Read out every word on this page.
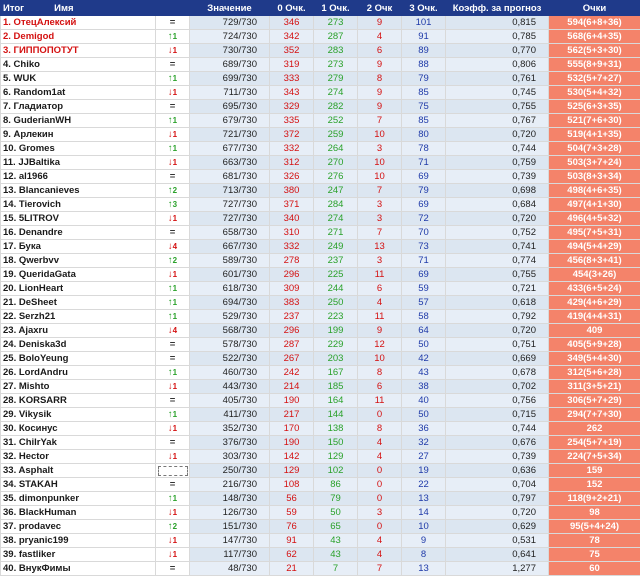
Итог Имя		Значение	0 Очк.	1 Очк.	2 Очк	3 Очк.	Коэфф. за прогноз	Очки
1. ОтецАлексий	=	729/730	346	273	9	101	0,815	594(6+8+36)
2. Demigod	↑1	724/730	342	287	4	91	0,785	568(6+4+35)
3. ГИППОПОТУТ	↓1	730/730	352	283	6	89	0,770	562(5+3+30)
4. Chiko	=	689/730	319	273	9	88	0,806	555(8+9+31)
5. WUK	↑1	699/730	333	279	8	79	0,761	532(5+7+27)
6. Random1at	↓1	711/730	343	274	9	85	0,745	530(5+4+32)
7. Гладиатор	=	695/730	329	282	9	75	0,755	525(6+3+35)
8. GuderianWH	↑1	679/730	335	252	7	85	0,767	521(7+6+30)
9. Арлекин	↓1	721/730	372	259	10	80	0,720	519(4+1+35)
10. Gromes	↑1	677/730	332	264	3	78	0,744	504(7+3+28)
11. JJBaltika	↓1	663/730	312	270	10	71	0,759	503(3+7+24)
12. al1966	=	681/730	326	276	10	69	0,739	503(8+3+34)
13. Blancanieves	↑2	713/730	380	247	7	79	0,698	498(4+6+35)
14. Tierovich	↑3	727/730	371	284	3	69	0,684	497(4+1+30)
15. 5LITROV	↓1	727/730	340	274	3	72	0,720	496(4+5+32)
16. Denandre	=	658/730	310	271	7	70	0,752	495(7+5+31)
17. Бука	↓4	667/730	332	249	13	73	0,741	494(5+4+29)
18. Qwerbvv	↑2	589/730	278	237	3	71	0,774	456(8+3+41)
19. QueridaGata	↓1	601/730	296	225	11	69	0,755	454(3+26)
20. LionHeart	↑1	618/730	309	244	6	59	0,721	433(6+5+24)
21. DeSheet	↑1	694/730	383	250	4	57	0,618	429(4+6+29)
22. Serzh21	↑1	529/730	237	223	11	58	0,792	419(4+4+31)
23. Ajaxru	↓4	568/730	296	199	9	64	0,720	409
24. Deniska3d	=	578/730	287	229	12	50	0,751	405(5+9+28)
25. BoloYeung	=	522/730	267	203	10	42	0,669	349(5+4+30)
26. LordAndru	↑1	460/730	242	167	8	43	0,678	312(5+6+28)
27. Mishto	↓1	443/730	214	185	6	38	0,702	311(3+5+21)
28. KORSARR	=	405/730	190	164	11	40	0,756	306(5+7+29)
29. Vikysik	↑1	411/730	217	144	0	50	0,715	294(7+7+30)
30. Косинус	↓1	352/730	170	138	8	36	0,744	262
31. ChilrYak	=	376/730	190	150	4	32	0,676	254(5+7+19)
32. Hector	↓1	303/730	142	129	4	27	0,739	224(7+5+34)
33. Asphalt		250/730	129	102	0	19	0,636	159
34. STAKAH	=	216/730	108	86	0	22	0,704	152
35. dimonpunker	↑1	148/730	56	79	0	13	0,797	118(9+2+21)
36. BlackHuman	↓1	126/730	59	50	3	14	0,720	98
37. prodavec	↑2	151/730	76	65	0	10	0,629	95(5+4+24)
38. pryanic199	↓1	147/730	91	43	4	9	0,531	78
39. fastliker	↓1	117/730	62	43	4	8	0,641	75
40. ВнукФимы	=	48/730	21	7	7	13	1,277	60
